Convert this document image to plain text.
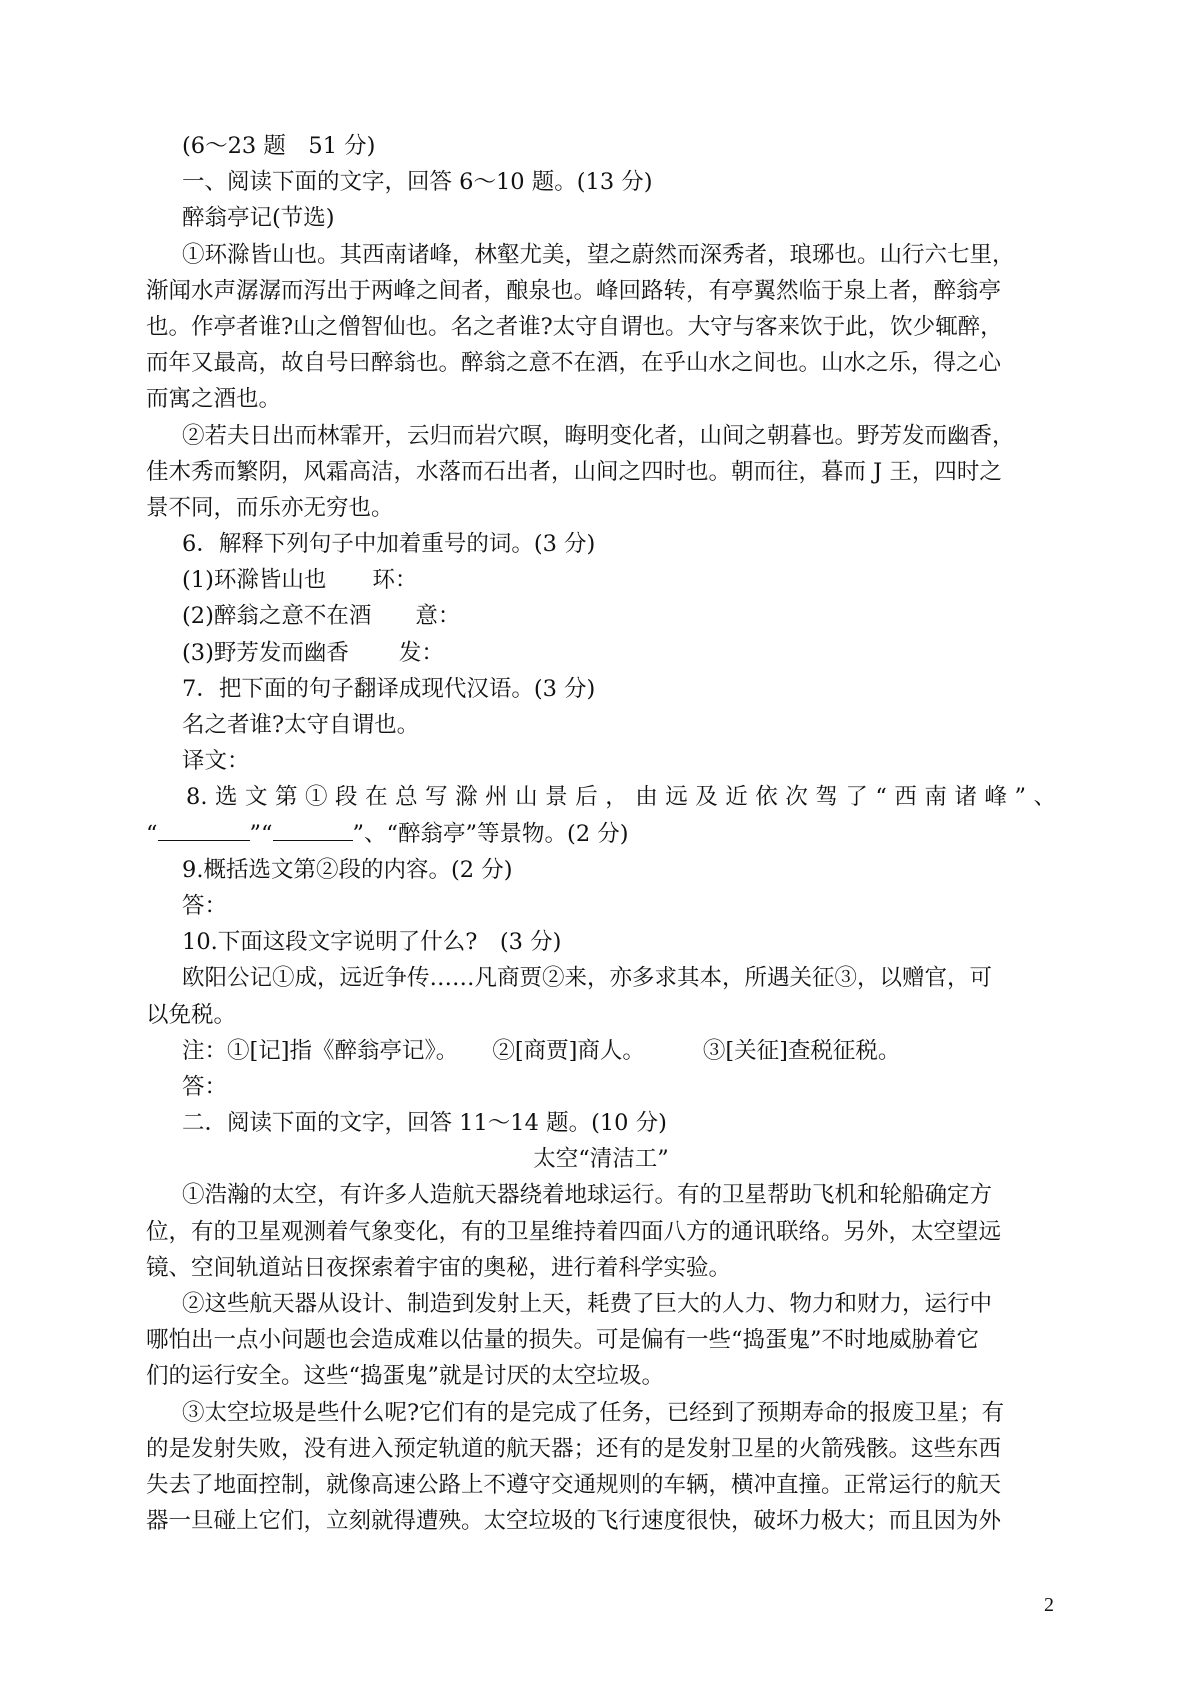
(6～23 题　51 分)
一、阅读下面的文字，回答 6～10 题。(13 分)
醉翁亭记(节选)
①环滁皆山也。其西南诸峰，林壑尤美，望之蔚然而深秀者，琅琊也。山行六七里，
渐闻水声潺潺而泻出于两峰之间者，酿泉也。峰回路转，有亭翼然临于泉上者，醉翁亭
也。作亭者谁?山之僧智仙也。名之者谁?太守自谓也。大守与客来饮于此，饮少辄醉，
而年又最高，故自号曰醉翁也。醉翁之意不在酒，在乎山水之间也。山水之乐，得之心
而寓之酒也。
②若夫日出而林霏开，云归而岩穴暝，晦明变化者，山间之朝暮也。野芳发而幽香，
佳木秀而繁阴，风霜高洁，水落而石出者，山间之四时也。朝而往，暮而 J 王，四时之
景不同，而乐亦无穷也。
6．解释下列句子中加着重号的词。(3 分)
(1)环滁皆山也 环：
(2)醉翁之意不在酒 意：
(3)野芳发而幽香 发：
7．把下面的句子翻译成现代汉语。(3 分)
名之者谁?太守自谓也。
译文：
8.选文第①段在总写滁州山景后，由远及近依次驾了“西南诸峰”、
“	”“	”、“醉翁亭”等景物。(2 分)
9.概括选文第②段的内容。(2 分)
答：
10.下面这段文字说明了什么?　(3 分)
欧阳公记①成，远近争传……凡商贾②来，亦多求其本，所遇关征③，以赠官，可
以免税。
注：①[记]指《醉翁亭记》。 ②[商贾]商人。	③[关征]查税征税。
答：
二．阅读下面的文字，回答 11～14 题。(10 分)
太空“清洁工”
①浩瀚的太空，有许多人造航天器绕着地球运行。有的卫星帮助飞机和轮船确定方
位，有的卫星观测着气象变化，有的卫星维持着四面八方的通讯联络。另外，太空望远
镜、空间轨道站日夜探索着宇宙的奥秘，进行着科学实验。
②这些航天器从设计、制造到发射上天，耗费了巨大的人力、物力和财力，运行中
哪怕出一点小问题也会造成难以估量的损失。可是偏有一些“捣蛋鬼”不时地威胁着它
们的运行安全。这些“捣蛋鬼”就是讨厌的太空垃圾。
③太空垃圾是些什么呢?它们有的是完成了任务，已经到了预期寿命的报废卫星；有
的是发射失败，没有进入预定轨道的航天器；还有的是发射卫星的火箭残骸。这些东西
失去了地面控制，就像高速公路上不遵守交通规则的车辆，横冲直撞。正常运行的航天
器一旦碰上它们，立刻就得遭殃。太空垃圾的飞行速度很快，破坏力极大；而且因为外
2
